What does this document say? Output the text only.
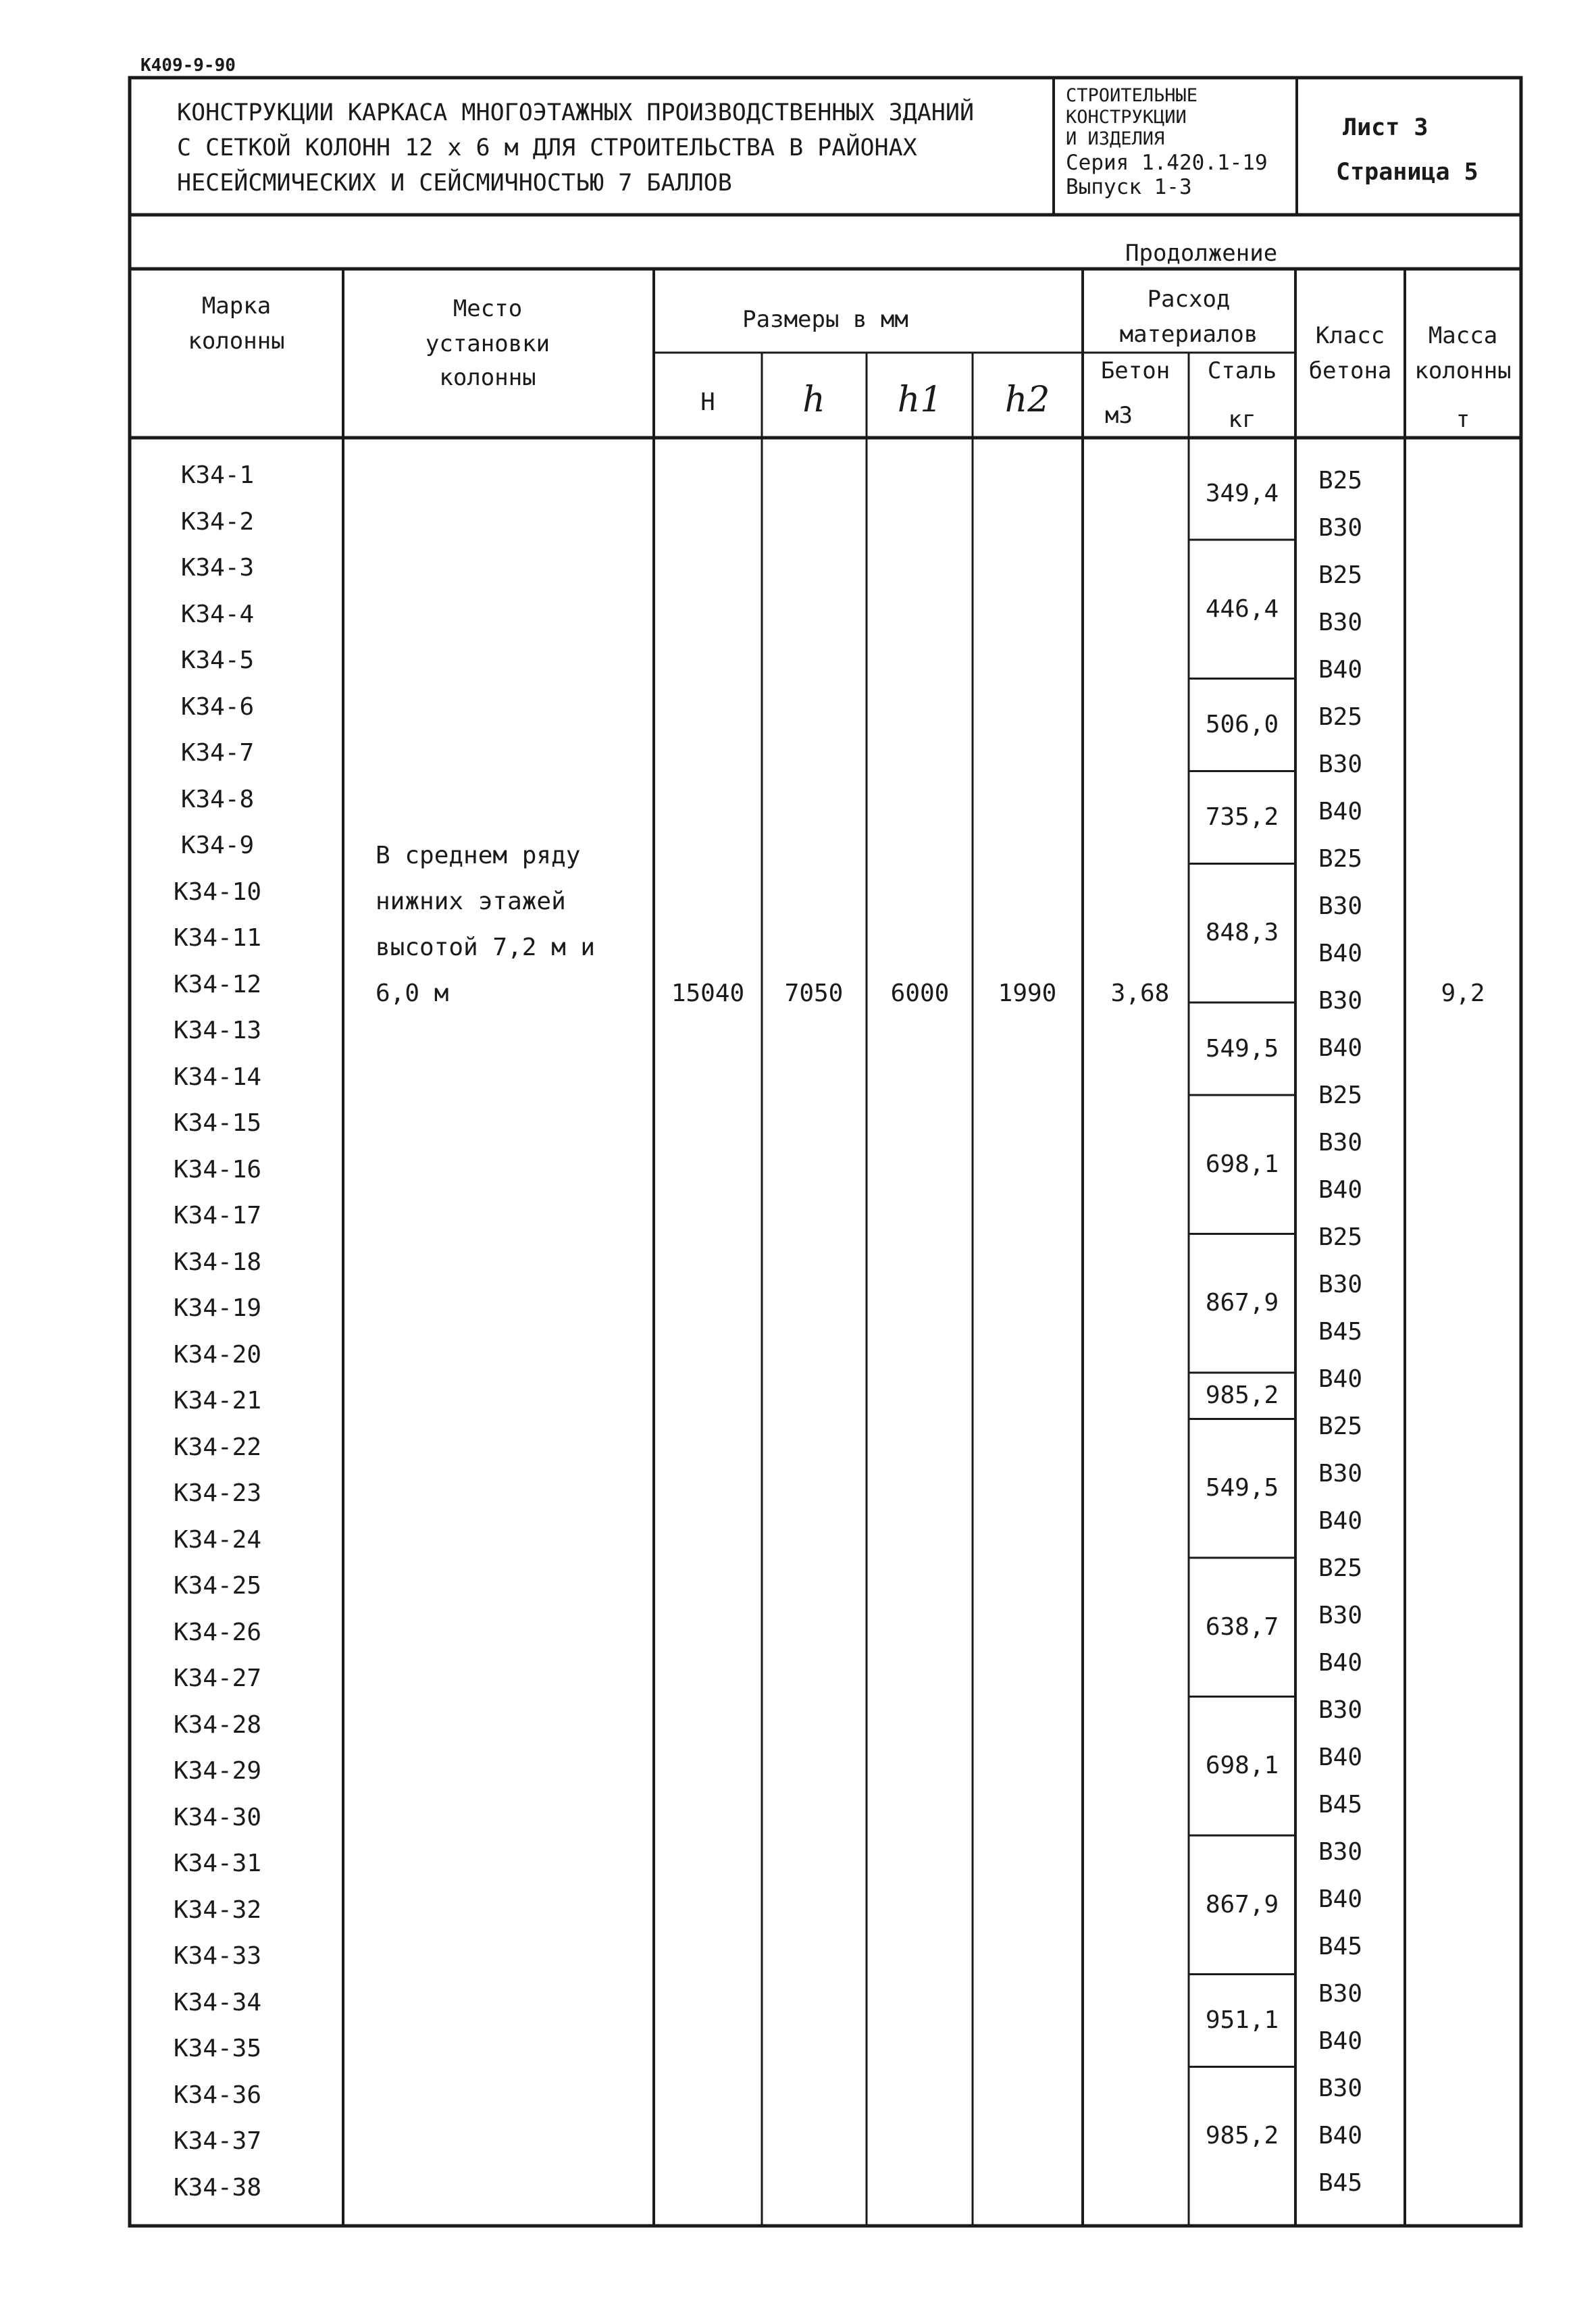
К409-9-90
КОНСТРУКЦИИ КАРКАСА МНОГОЭТАЖНЫХ ПРОИЗВОДСТВЕННЫХ ЗДАНИЙ
С СЕТКОЙ КОЛОНН 12 х 6 м ДЛЯ СТРОИТЕЛЬСТВА В РАЙОНАХ
НЕСЕЙСМИЧЕСКИХ И СЕЙСМИЧНОСТЬЮ 7 БАЛЛОВ
СТРОИТЕЛЬНЫЕ
КОНСТРУКЦИИ
И ИЗДЕЛИЯ
Серия 1.420.1-19
Выпуск 1-3
Лист 3
Страница 5
Продолжение
Марка
колонны
Место
установки
колонны
Размеры в мм
Н h h1 h2
Расход
материалов
Бетон
м3
Сталь
кг
Класс
бетона
Масса
колонны
т
К34-1
К34-2
К34-3
К34-4
К34-5
К34-6
К34-7
К34-8
К34-9
К34-10
К34-11
К34-12
К34-13
К34-14
К34-15
К34-16
К34-17
К34-18
К34-19
К34-20
К34-21
К34-22
К34-23
К34-24
К34-25
К34-26
К34-27
К34-28
К34-29
К34-30
К34-31
К34-32
К34-33
К34-34
К34-35
К34-36
К34-37
К34-38
В среднем ряду
нижних этажей
высотой 7,2 м и
6,0 м	15040 7050 6000 1990 3,68	9,2
349,4
446,4
506,0
735,2
848,3
549,5
698,1
867,9
985,2
549,5
638,7
698,1
867,9
951,1
985,2
В25
В30
В25
В30
В40
В25
В30
В40
В25
В30
В40
В30
В40
В25
В30
В40
В25
В30
В45
В40
В25
В30
В40
В25
В30
В40
В30
В40
В45
В30
В40
В45
В30
В40
В30
В40
В45
